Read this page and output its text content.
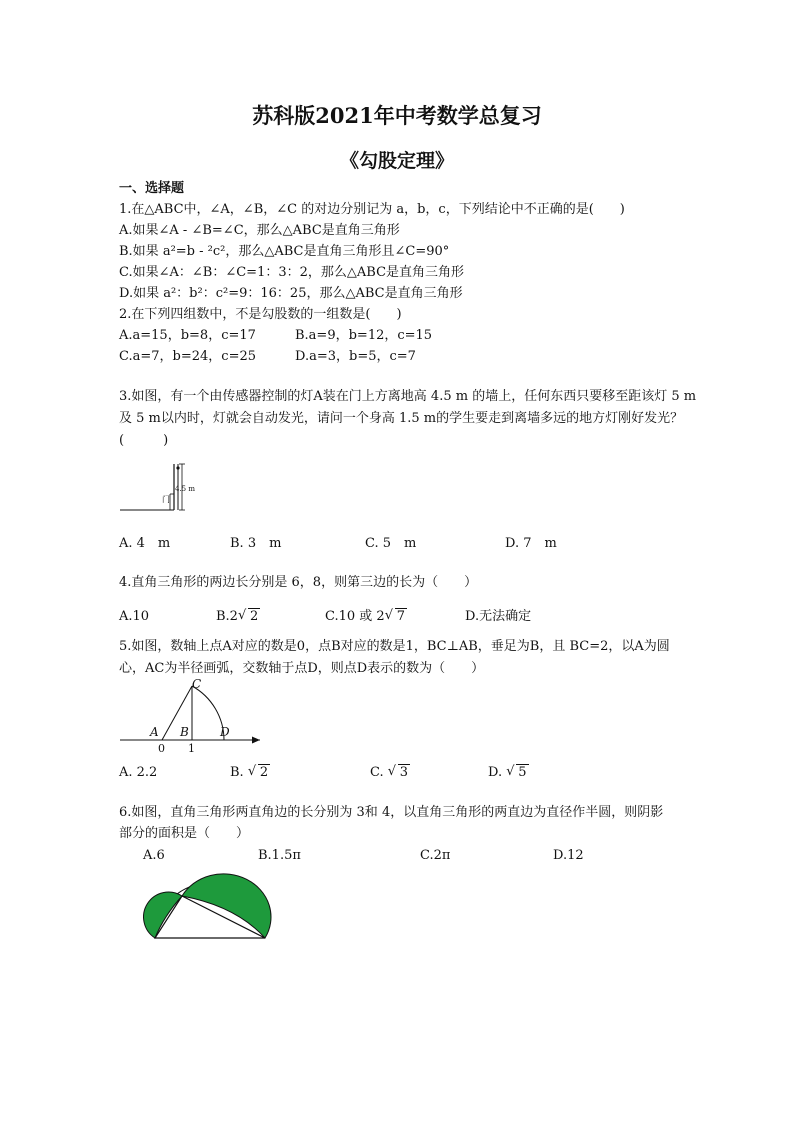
苏科版2021年中考数学总复习
《勾股定理》
一、选择题
1.在△ABC中，∠A，∠B，∠C 的对边分别记为 a，b，c，下列结论中不正确的是(　　)
A.如果∠A - ∠B=∠C，那么△ABC是直角三角形
B.如果 a²=b - ²c²，那么△ABC是直角三角形且∠C=90°
C.如果∠A：∠B：∠C=1：3：2，那么△ABC是直角三角形
D.如果 a²：b²：c²=9：16：25，那么△ABC是直角三角形
2.在下列四组数中，不是勾股数的一组数是(　　)
A.a=15，b=8，c=17	B.a=9，b=12，c=15
C.a=7，b=24，c=25	D.a=3，b=5，c=7
3.如图，有一个由传感器控制的灯A装在门上方离地高 4.5 m 的墙上，任何东西只要移至距该灯 5 m及 5 m以内时，灯就会自动发光，请问一个身高 1.5 m的学生要走到离墙多远的地方灯刚好发光？(　　　)
门
4.5 m
A. 4　m	B. 3　m	C. 5　m	D. 7　m
4.直角三角形的两边长分别是 6，8，则第三边的长为（　　）
A.10	B.2 √ 2	C.10 或 2 √ 7	D.无法确定
5.如图，数轴上点A对应的数是0，点B对应的数是1，BC⊥AB，垂足为B，且 BC=2，以A为圆
心，AC为半径画弧，交数轴于点D，则点D表示的数为（　　）
C
A B	D
0 1
A. 2.2	B. √ 2	C. √ 3	D. √ 5
6.如图，直角三角形两直角边的长分别为 3和 4，以直角三角形的两直边为直径作半圆，则阴影
部分的面积是（　　）
A.6	B.1.5π	C.2π	D.12
